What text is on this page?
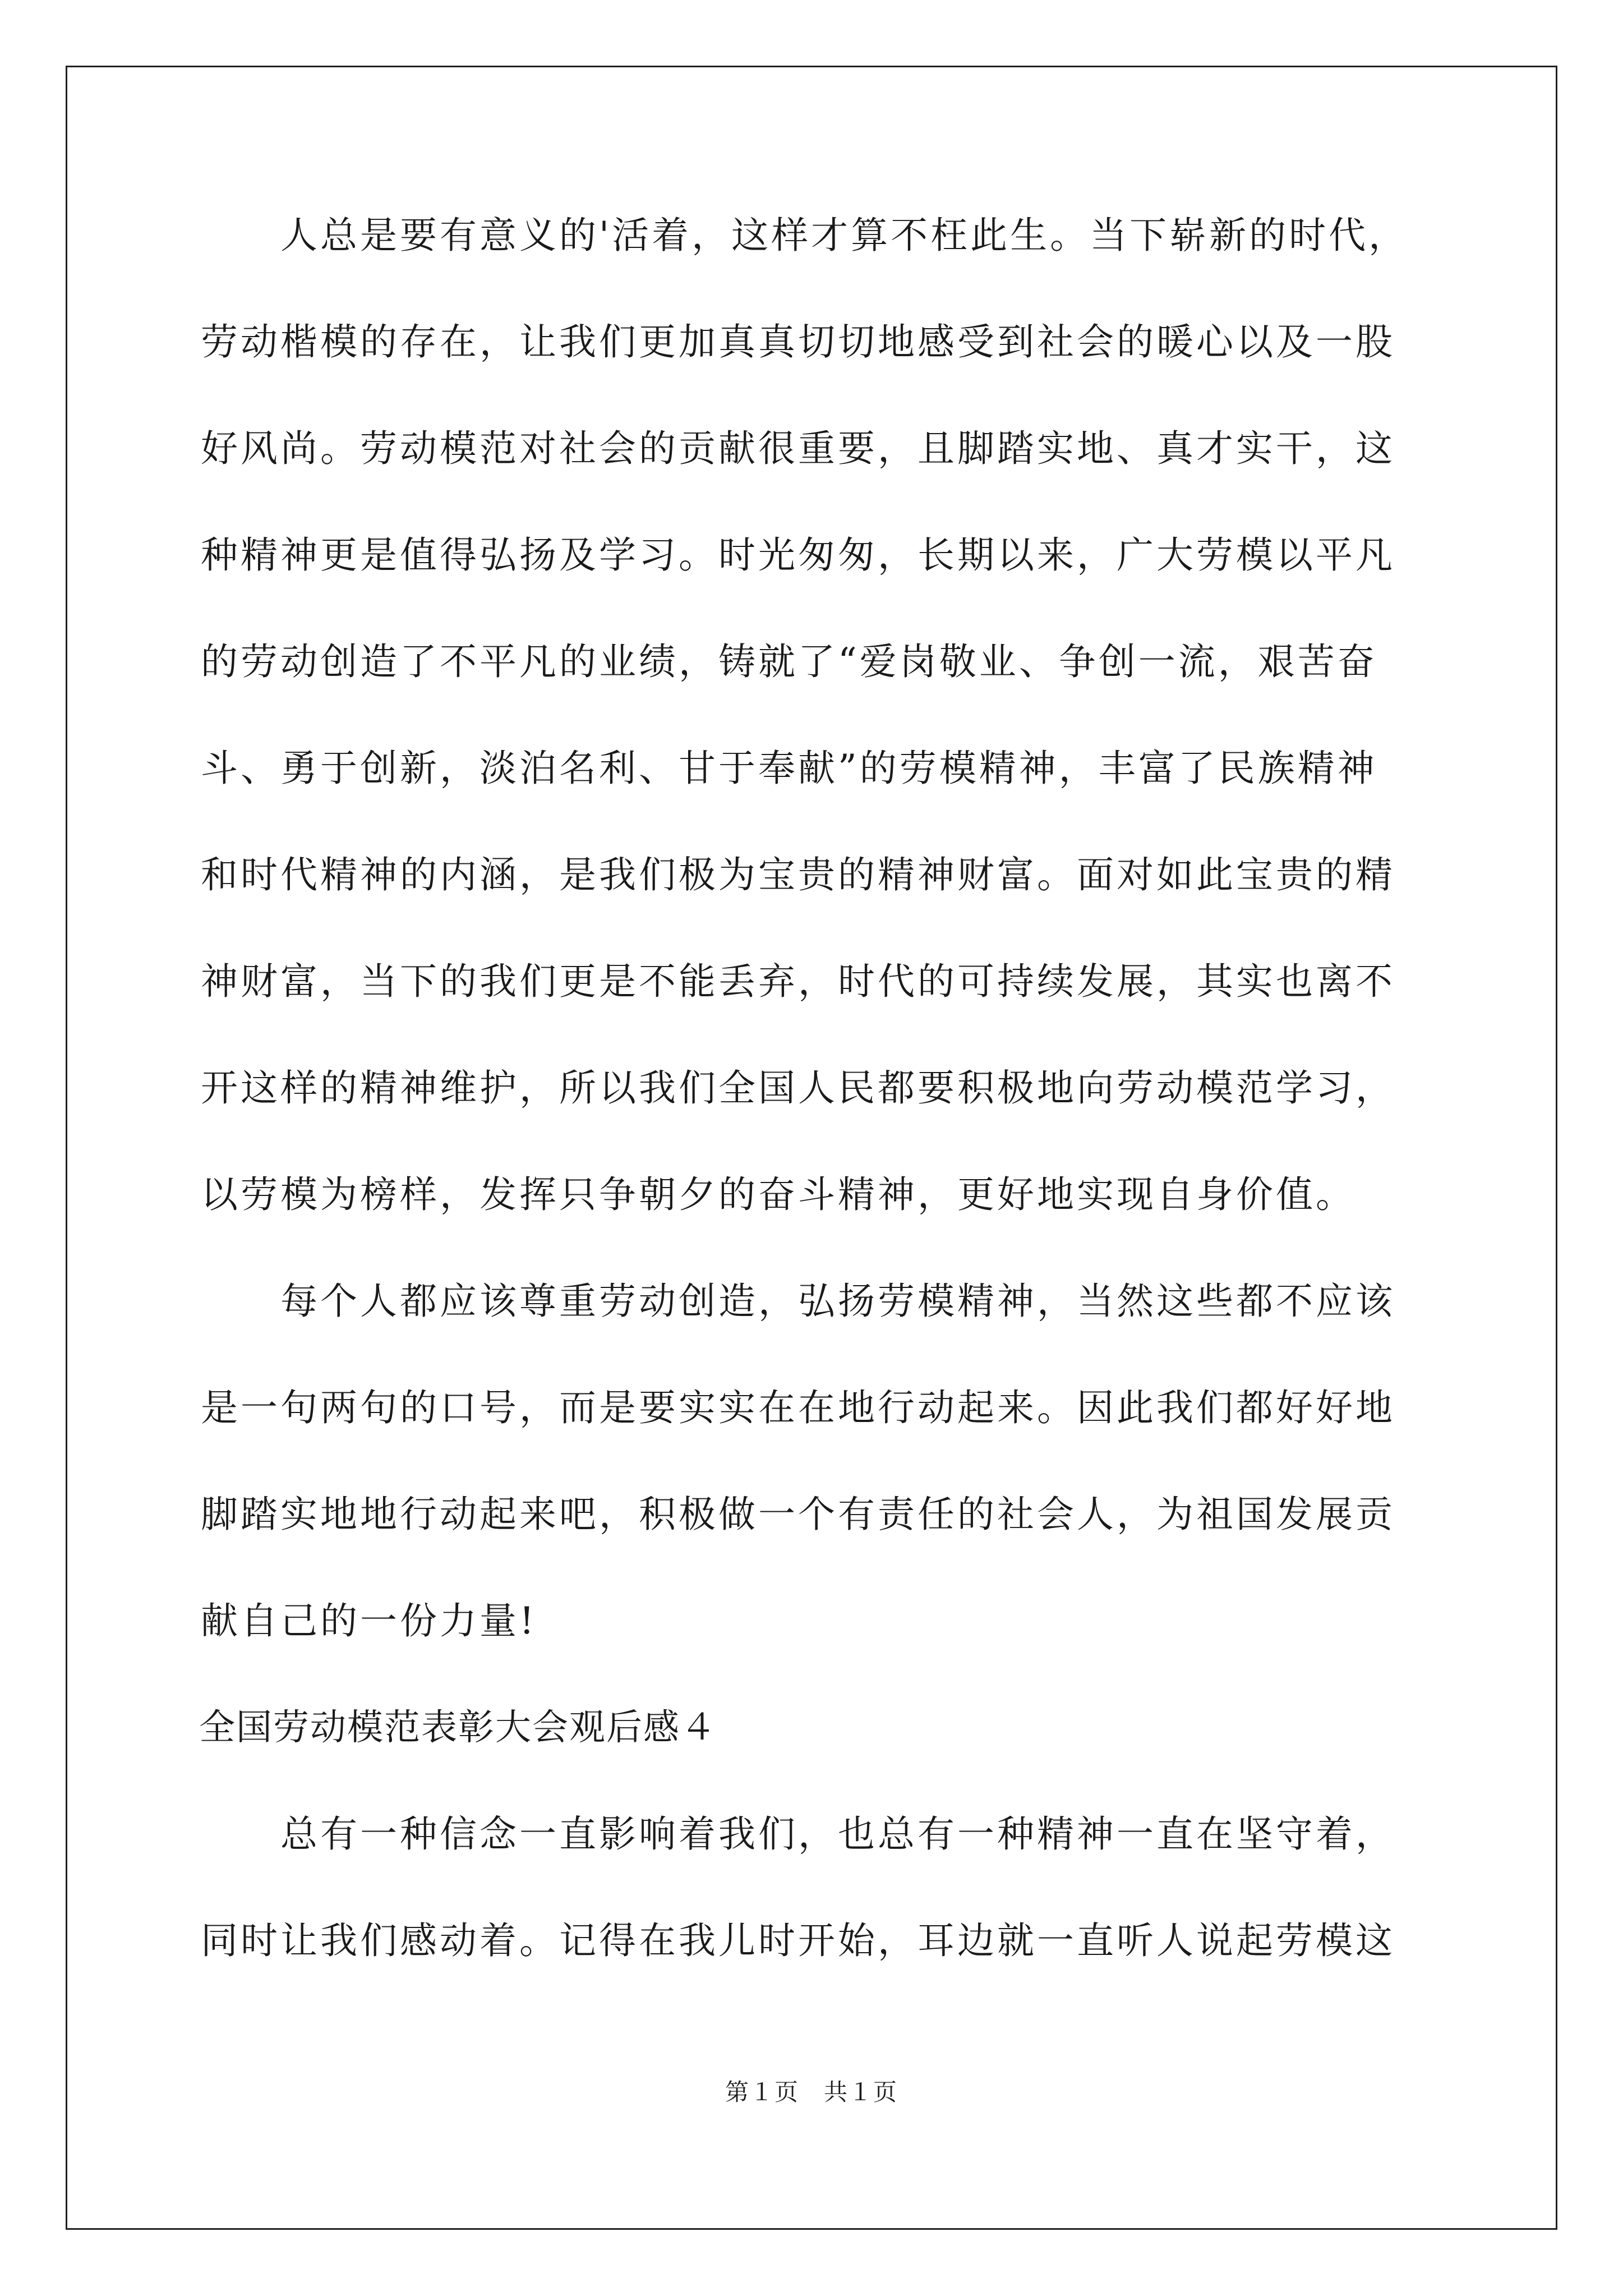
　　人总是要有意义的'活着，这样才算不枉此生。当下崭新的时代，
劳动楷模的存在，让我们更加真真切切地感受到社会的暖心以及一股
好风尚。劳动模范对社会的贡献很重要，且脚踏实地、真才实干，这
种精神更是值得弘扬及学习。时光匆匆，长期以来，广大劳模以平凡
的劳动创造了不平凡的业绩，铸就了“爱岗敬业、争创一流，艰苦奋
斗、勇于创新，淡泊名利、甘于奉献”的劳模精神，丰富了民族精神
和时代精神的内涵，是我们极为宝贵的精神财富。面对如此宝贵的精
神财富，当下的我们更是不能丢弃，时代的可持续发展，其实也离不
开这样的精神维护，所以我们全国人民都要积极地向劳动模范学习，
以劳模为榜样，发挥只争朝夕的奋斗精神，更好地实现自身价值。
　　每个人都应该尊重劳动创造，弘扬劳模精神，当然这些都不应该
是一句两句的口号，而是要实实在在地行动起来。因此我们都好好地
脚踏实地地行动起来吧，积极做一个有责任的社会人，为祖国发展贡
献自己的一份力量!
全国劳动模范表彰大会观后感４
　　总有一种信念一直影响着我们，也总有一种精神一直在坚守着，
同时让我们感动着。记得在我儿时开始，耳边就一直听人说起劳模这
第１页　共１页
